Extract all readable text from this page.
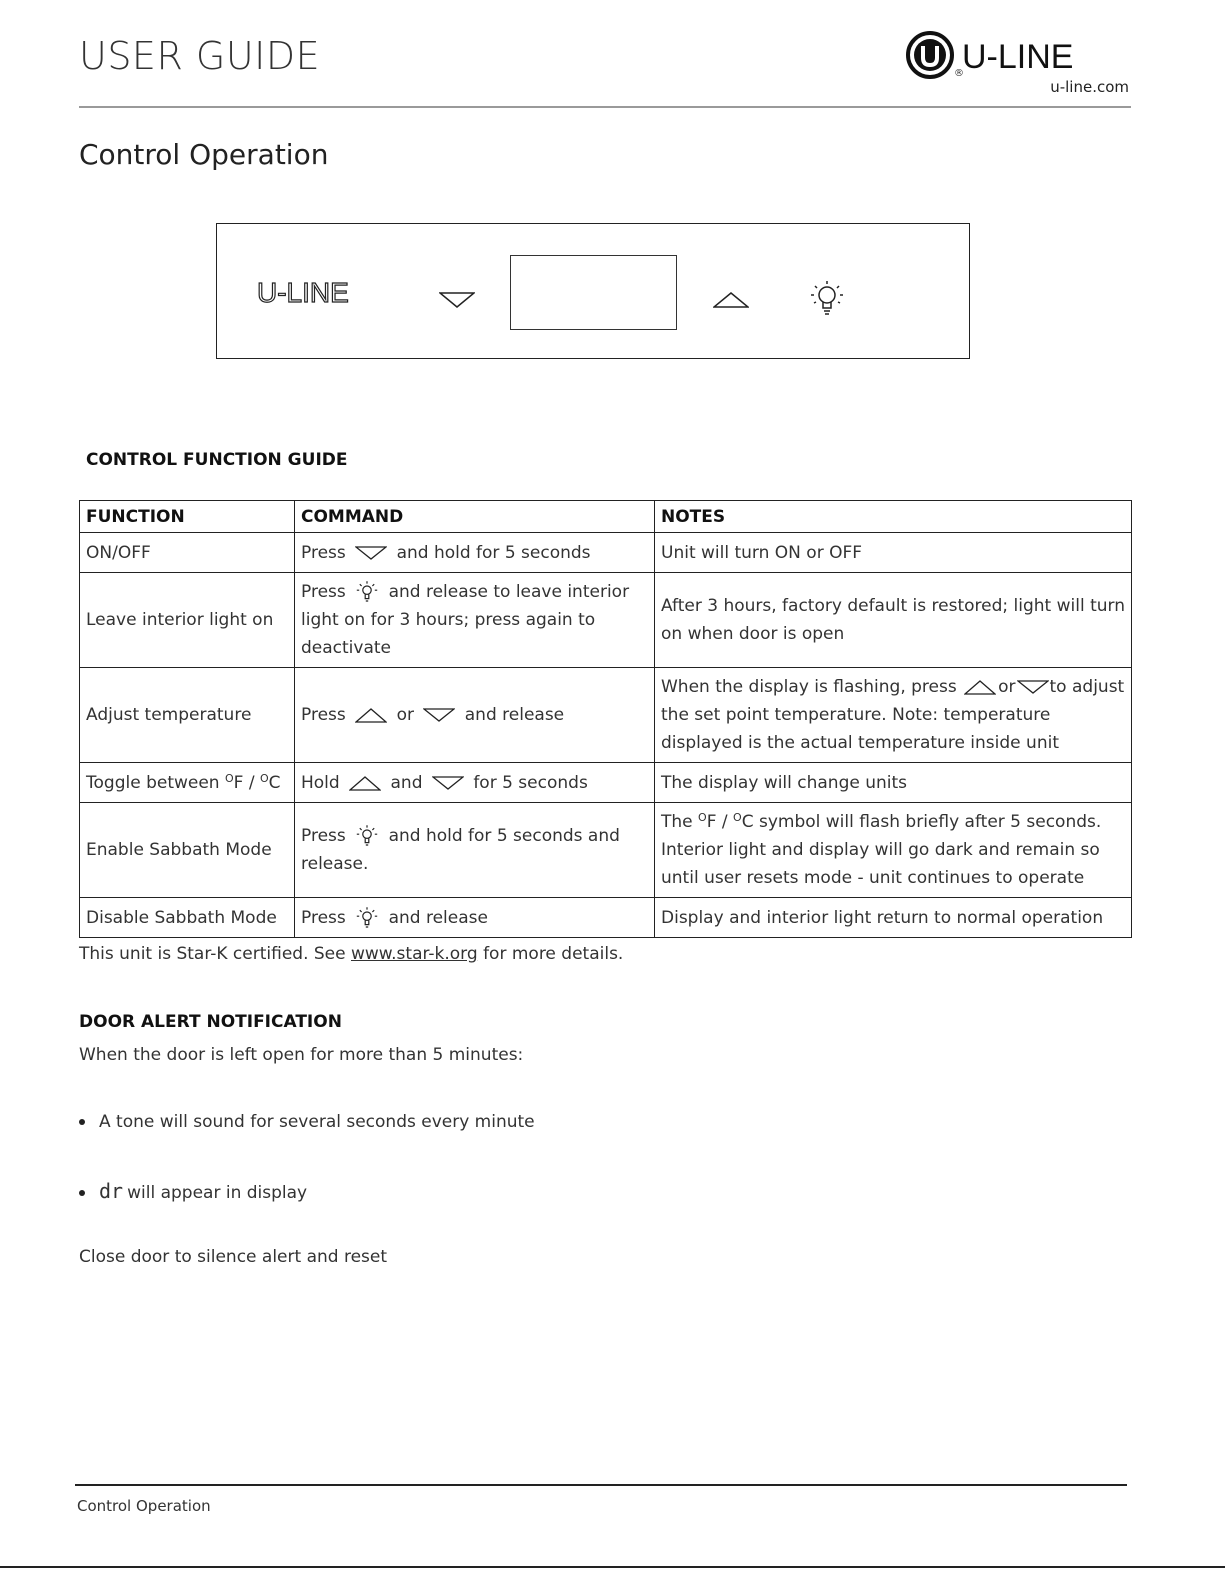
USER GUIDE	U-LINE
®
u-line.com
Control Operation
U-LINE
CONTROL FUNCTION GUIDE
FUNCTION	COMMAND	NOTES
ON/OFF	Press and hold for 5 seconds	Unit will turn ON or OFF
Leave interior light on	Press and release to leave interior light on for 3 hours; press again to deactivate	After 3 hours, factory default is restored; light will turn on when door is open
Adjust temperature	Press or and release	When the display is flashing, press or to adjust the set point temperature. Note: temperature displayed is the actual temperature inside unit
Toggle between $^O$F / $^O$C	Hold and for 5 seconds	The display will change units
Enable Sabbath Mode	Press and hold for 5 seconds and release.	The $^O$F / $^O$C symbol will flash briefly after 5 seconds. Interior light and display will go dark and remain so until user resets mode - unit continues to operate
Disable Sabbath Mode	Press and release	Display and interior light return to normal operation
This unit is Star-K certified. See www.star-k.org for more details.
DOOR ALERT NOTIFICATION
When the door is left open for more than 5 minutes:
A tone will sound for several seconds every minute
dr will appear in display
Close door to silence alert and reset
Control Operation
